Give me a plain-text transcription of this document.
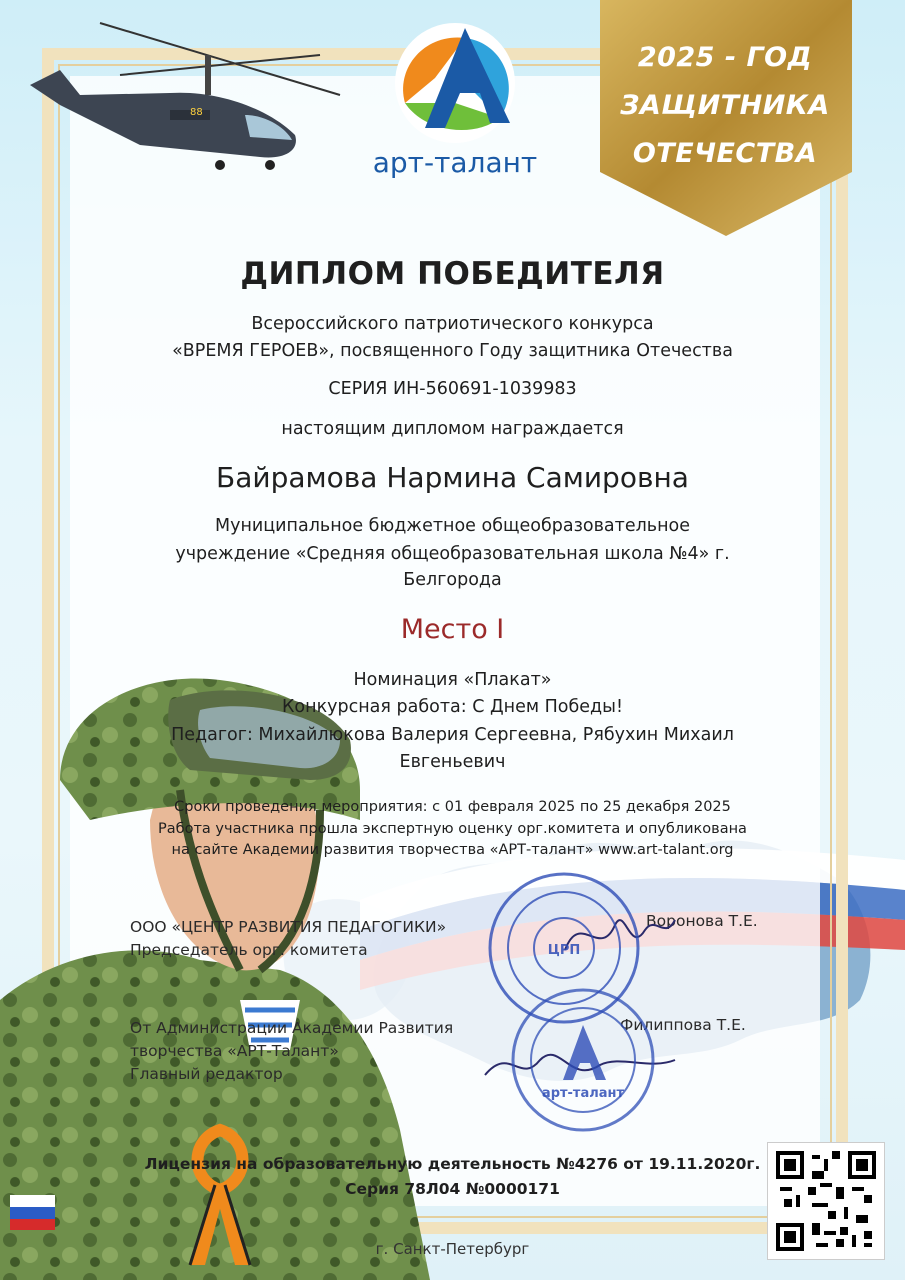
88
арт-талант
2025 - ГОД
ЗАЩИТНИКА
ОТЕЧЕСТВА
ДИПЛОМ ПОБЕДИТЕЛЯ
Всероссийского патриотического конкурса
«ВРЕМЯ ГЕРОЕВ», посвященного Году защитника Отечества
СЕРИЯ ИН-560691-1039983
настоящим дипломом награждается
Байрамова Нармина Самировна
Муниципальное бюджетное общеобразовательное
учреждение «Средняя общеобразовательная школа №4» г.
Белгорода
Место I
Номинация «Плакат»
Конкурсная работа: С Днем Победы!
Педагог: Михайлюкова Валерия Сергеевна, Рябухин Михаил
Евгеньевич
Сроки проведения мероприятия: с 01 февраля 2025 по 25 декабря 2025
Работа участника прошла экспертную оценку орг.комитета и опубликована
на сайте Академии развития творчества «АРТ-талант» www.art-talant.org
ООО «ЦЕНТР РАЗВИТИЯ ПЕДАГОГИКИ»
Председатель орг. комитета
Воронова Т.Е.
От Администрации Академии Развития
творчества «АРТ-Талант»
Главный редактор
Филиппова Т.Е.
ЦРП
арт-талант
Лицензия на образовательную деятельность №4276 от 19.11.2020г.
Серия 78Л04 №0000171
г. Санкт-Петербург
